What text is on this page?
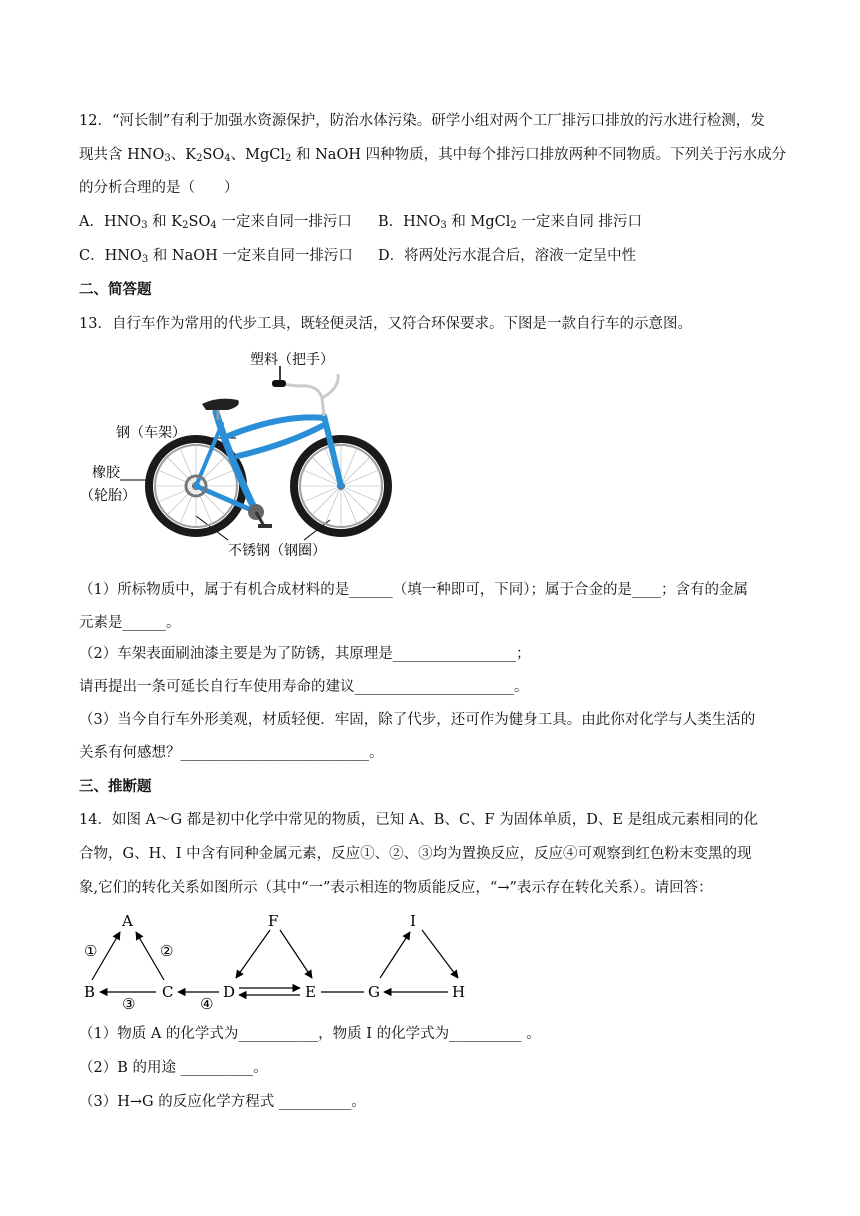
12．“河长制”有利于加强水资源保护，防治水体污染。研学小组对两个工厂排污口排放的污水进行检测，发
现共含 $HNO_3$、$K_2SO_4$、MgCl$_2$ 和 NaOH 四种物质，其中每个排污口排放两种不同物质。下列关于污水成分
的分析合理的是（　　）
A．$HNO_3$ 和 $K_2SO_4$ 一定来自同一排污口 B．$HNO_3$ 和 MgCl$_2$ 一定来自同 排污口
C．$HNO_3$ 和 NaOH 一定来自同一排污口 D．将两处污水混合后，溶液一定呈中性
二、简答题
13．自行车作为常用的代步工具，既轻便灵活，又符合环保要求。下图是一款自行车的示意图。
塑料（把手）
钢（车架）
橡胶
（轮胎）
不锈钢（钢圈）
（1）所标物质中，属于有机合成材料的是______（填一种即可，下同）；属于合金的是____；含有的金属
元素是______。
（2）车架表面刷油漆主要是为了防锈，其原理是_________________；
请再提出一条可延长自行车使用寿命的建议______________________。
（3）当今自行车外形美观，材质轻便．牢固，除了代步，还可作为健身工具。由此你对化学与人类生活的
关系有何感想？__________________________。
三、推断题
14．如图 A～G 都是初中化学中常见的物质，已知 A、B、C、F 为固体单质，D、E 是组成元素相同的化
合物，G、H、I 中含有同种金属元素，反应①、②、③均为置换反应，反应④可观察到红色粉末变黑的现
象,它们的转化关系如图所示（其中“一”表示相连的物质能反应，“→”表示存在转化关系）。请回答：
A
B	C	D	E
F
G	H
I
①	②
③	④
（1）物质 A 的化学式为___________，物质 I 的化学式为__________ 。
（2）B 的用途 __________。
（3）H→G 的反应化学方程式 __________。
